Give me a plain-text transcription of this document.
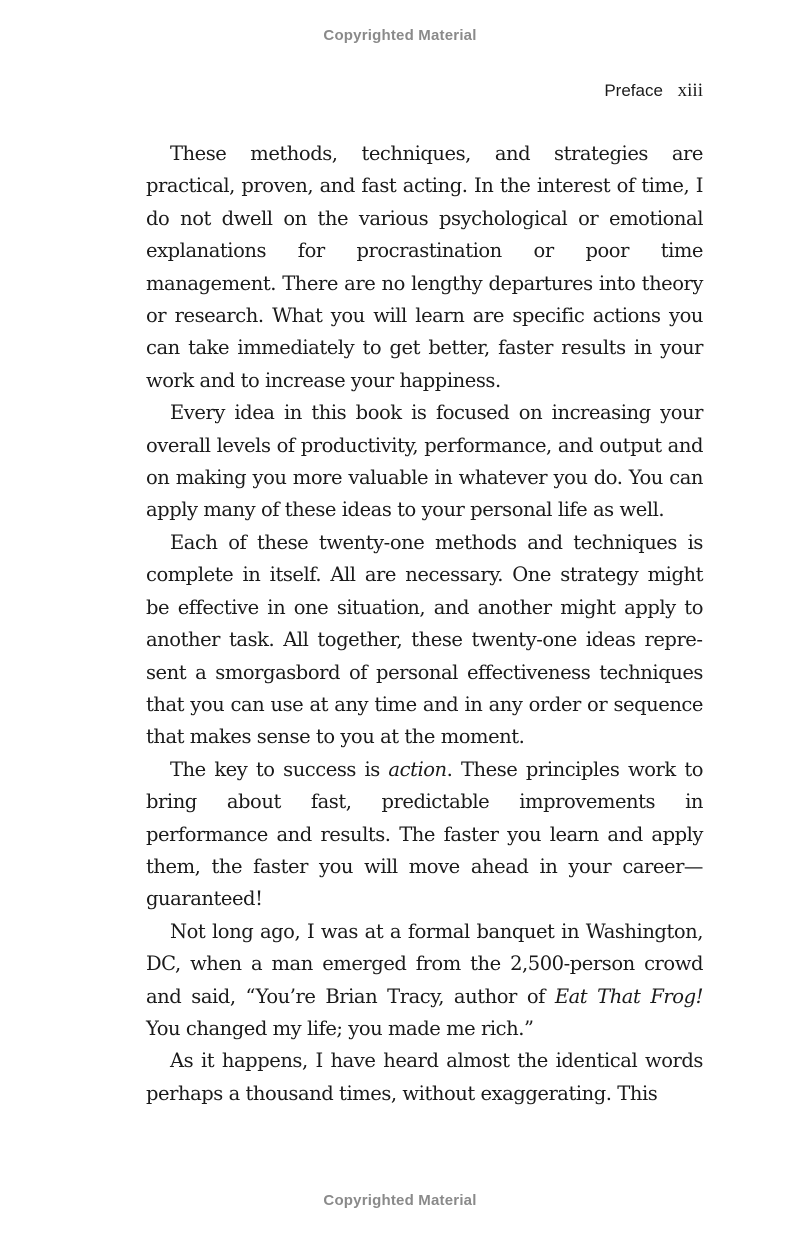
Copyrighted Material
Preface xiii

These methods, techniques, and strategies are practical, proven, and fast acting. In the interest of time, I do not dwell on the various psychological or emotional explanations for procrastination or poor time management. There are no lengthy departures into theory or research. What you will learn are specific actions you can take immediately to get better, faster results in your work and to increase your happiness.

Every idea in this book is focused on increasing your overall levels of productivity, performance, and output and on making you more valuable in whatever you do. You can apply many of these ideas to your personal life as well.

Each of these twenty-one methods and techniques is complete in itself. All are necessary. One strategy might be effective in one situation, and another might apply to another task. All together, these twenty-one ideas represent a smorgasbord of personal effectiveness techniques that you can use at any time and in any order or sequence that makes sense to you at the moment.

The key to success is action. These principles work to bring about fast, predictable improvements in performance and results. The faster you learn and apply them, the faster you will move ahead in your career—guaranteed!

Not long ago, I was at a formal banquet in Washington, DC, when a man emerged from the 2,500-person crowd and said, “You’re Brian Tracy, author of Eat That Frog! You changed my life; you made me rich.”

As it happens, I have heard almost the identical words perhaps a thousand times, without exaggerating. This

Copyrighted Material
